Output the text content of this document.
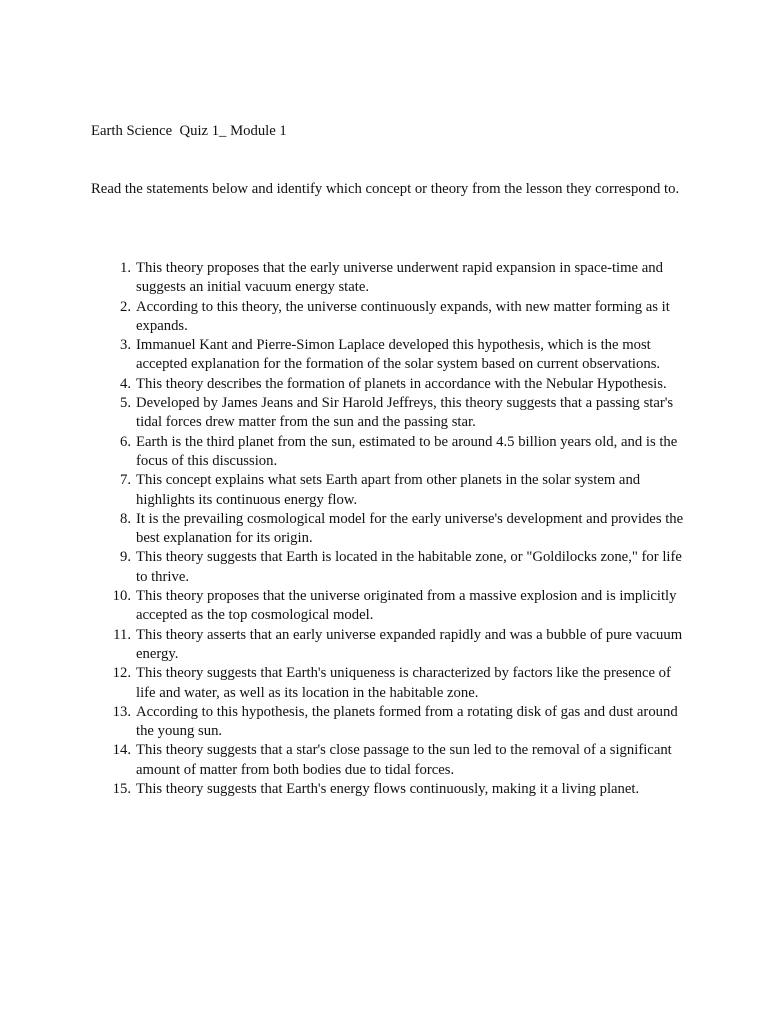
Earth Science  Quiz 1_ Module 1
Read the statements below and identify which concept or theory from the lesson they correspond to.
1. This theory proposes that the early universe underwent rapid expansion in space-time and suggests an initial vacuum energy state.
2. According to this theory, the universe continuously expands, with new matter forming as it expands.
3. Immanuel Kant and Pierre-Simon Laplace developed this hypothesis, which is the most accepted explanation for the formation of the solar system based on current observations.
4. This theory describes the formation of planets in accordance with the Nebular Hypothesis.
5. Developed by James Jeans and Sir Harold Jeffreys, this theory suggests that a passing star's tidal forces drew matter from the sun and the passing star.
6. Earth is the third planet from the sun, estimated to be around 4.5 billion years old, and is the focus of this discussion.
7. This concept explains what sets Earth apart from other planets in the solar system and highlights its continuous energy flow.
8. It is the prevailing cosmological model for the early universe's development and provides the best explanation for its origin.
9. This theory suggests that Earth is located in the habitable zone, or "Goldilocks zone," for life to thrive.
10. This theory proposes that the universe originated from a massive explosion and is implicitly accepted as the top cosmological model.
11. This theory asserts that an early universe expanded rapidly and was a bubble of pure vacuum energy.
12. This theory suggests that Earth's uniqueness is characterized by factors like the presence of life and water, as well as its location in the habitable zone.
13. According to this hypothesis, the planets formed from a rotating disk of gas and dust around the young sun.
14. This theory suggests that a star's close passage to the sun led to the removal of a significant amount of matter from both bodies due to tidal forces.
15. This theory suggests that Earth's energy flows continuously, making it a living planet.
